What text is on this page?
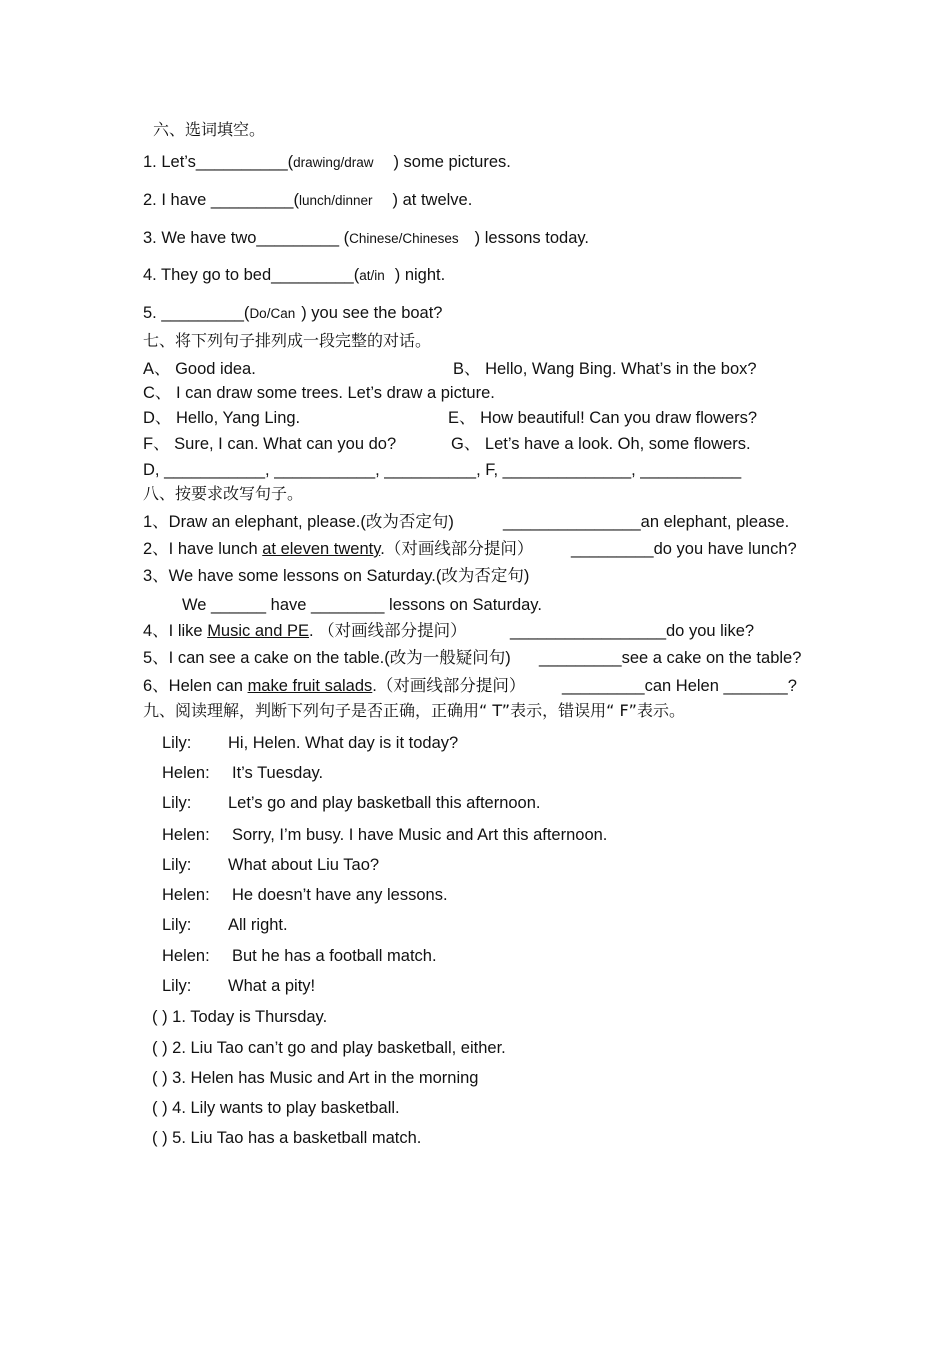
六、选词填空。
1. Let’s__________(drawing/draw ) some pictures.
2. I have _________(lunch/dinner ) at twelve.
3. We have two_________ (Chinese/Chineses ) lessons today.
4. They go to bed_________(at/in ) night.
5. _________(Do/Can ) you see the boat?
七、将下列句子排列成一段完整的对话。
A、 Good idea.	B、 Hello, Wang Bing. What’s in the box?
C、 I can draw some trees. Let’s draw a picture.
D、 Hello, Yang Ling.	E、 How beautiful! Can you draw flowers?
F、 Sure, I can. What can you do?	G、 Let’s have a look. Oh, some flowers.
D, ___________, ___________, __________, F, ______________, ___________
八、按要求改写句子。
1、Draw an elephant, please.(改为否定句)	_______________an elephant, please.
2、I have lunch at eleven twenty.（对画线部分提问） _________do you have lunch?
3、We have some lessons on Saturday.(改为否定句)
We ______ have ________ lessons on Saturday.
4、I like Music and PE. （对画线部分提问）	_________________do you like?
5、I can see a cake on the table.(改为一般疑问句) _________see a cake on the table?
6、Helen can make fruit salads.（对画线部分提问） _________can Helen _______?
九、阅读理解，判断下列句子是否正确，正确用“ T”表示，错误用“ F”表示。
Lily: Hi, Helen. What day is it today?
Helen: It’s Tuesday.
Lily: Let’s go and play basketball this afternoon.
Helen: Sorry, I’m busy. I have Music and Art this afternoon.
Lily: What about Liu Tao?
Helen: He doesn’t have any lessons.
Lily: All right.
Helen: But he has a football match.
Lily: What a pity!
( ) 1. Today is Thursday.
( ) 2. Liu Tao can’t go and play basketball, either.
( ) 3. Helen has Music and Art in the morning
( ) 4. Lily wants to play basketball.
( ) 5. Liu Tao has a basketball match.
